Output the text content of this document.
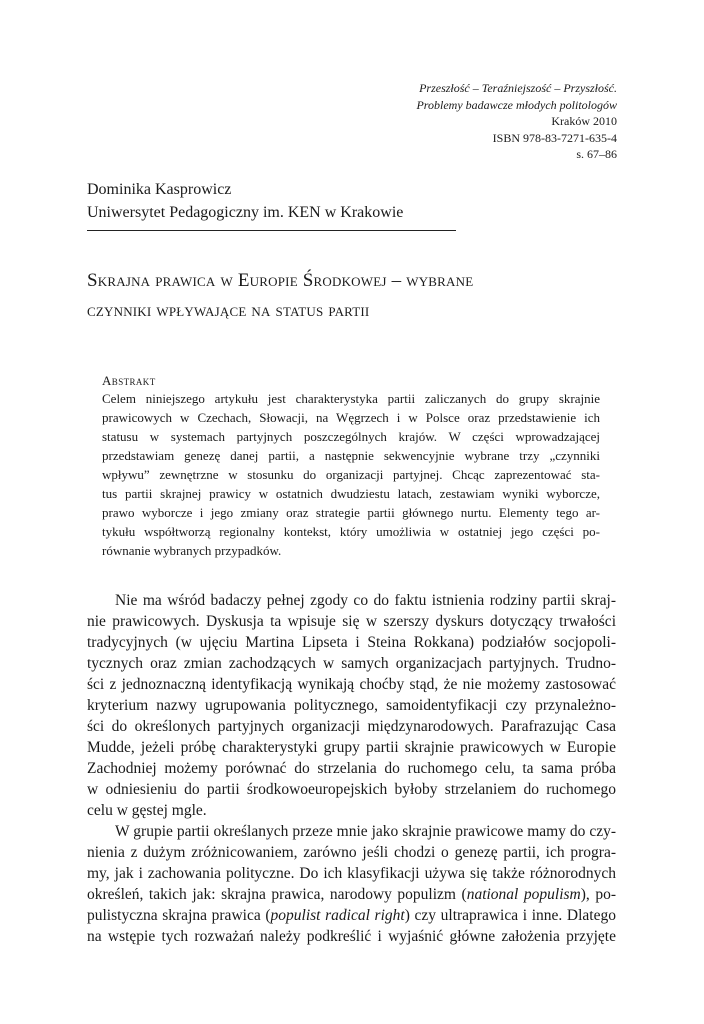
Przeszłość – Teraźniejszość – Przyszłość.
Problemy badawcze młodych politologów
Kraków 2010
ISBN 978-83-7271-635-4
s. 67–86
Dominika Kasprowicz
Uniwersytet Pedagogiczny im. KEN w Krakowie
Skrajna prawica w Europie Środkowej – wybrane
czynniki wpływające na status partii
Abstrakt
Celem niniejszego artykułu jest charakterystyka partii zaliczanych do grupy skrajnie
prawicowych w Czechach, Słowacji, na Węgrzech i w Polsce oraz przedstawienie ich
statusu w systemach partyjnych poszczególnych krajów. W części wprowadzającej
przedstawiam genezę danej partii, a następnie sekwencyjnie wybrane trzy „czynniki
wpływu” zewnętrzne w stosunku do organizacji partyjnej. Chcąc zaprezentować sta-
tus partii skrajnej prawicy w ostatnich dwudziestu latach, zestawiam wyniki wyborcze,
prawo wyborcze i jego zmiany oraz strategie partii głównego nurtu. Elementy tego ar-
tykułu współtworzą regionalny kontekst, który umożliwia w ostatniej jego części po-
równanie wybranych przypadków.
Nie ma wśród badaczy pełnej zgody co do faktu istnienia rodziny partii skraj-
nie prawicowych. Dyskusja ta wpisuje się w szerszy dyskurs dotyczący trwałości
tradycyjnych (w ujęciu Martina Lipseta i Steina Rokkana) podziałów socjopoli-
tycznych oraz zmian zachodzących w samych organizacjach partyjnych. Trudno-
ści z jednoznaczną identyfikacją wynikają choćby stąd, że nie możemy zastosować
kryterium nazwy ugrupowania politycznego, samoidentyfikacji czy przynależno-
ści do określonych partyjnych organizacji międzynarodowych. Parafrazując Casa
Mudde, jeżeli próbę charakterystyki grupy partii skrajnie prawicowych w Europie
Zachodniej możemy porównać do strzelania do ruchomego celu, ta sama próba
w odniesieniu do partii środkowoeuropejskich byłoby strzelaniem do ruchomego
celu w gęstej mgle.
W grupie partii określanych przeze mnie jako skrajnie prawicowe mamy do czy-
nienia z dużym zróżnicowaniem, zarówno jeśli chodzi o genezę partii, ich progra-
my, jak i zachowania polityczne. Do ich klasyfikacji używa się także różnorodnych
określeń, takich jak: skrajna prawica, narodowy populizm (national populism), po-
pulistyczna skrajna prawica (populist radical right) czy ultraprawica i inne. Dlatego
na wstępie tych rozważań należy podkreślić i wyjaśnić główne założenia przyjęte
